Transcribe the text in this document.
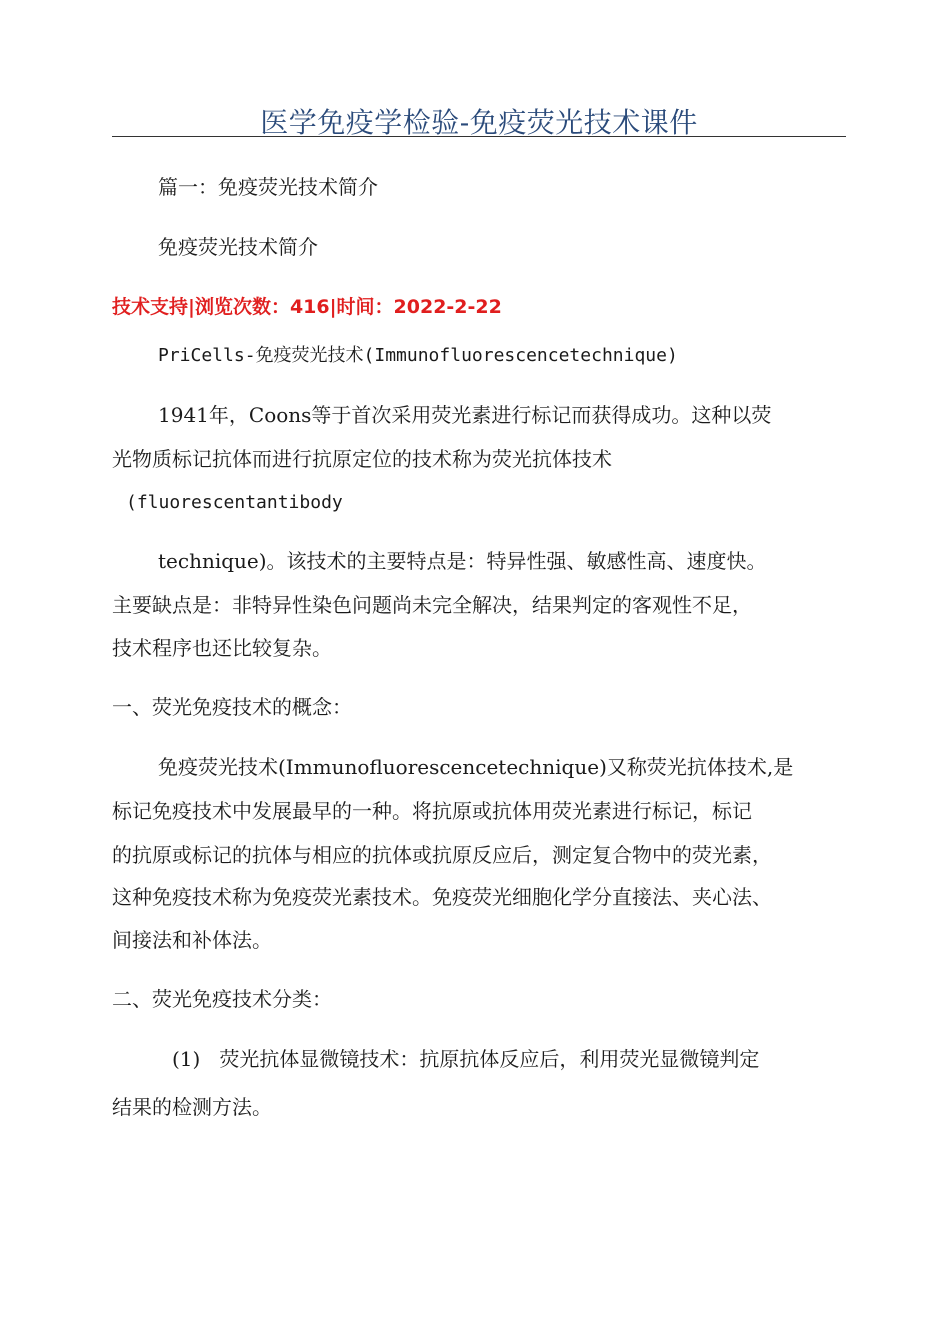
医学免疫学检验-免疫荧光技术课件
篇一：免疫荧光技术简介
免疫荧光技术简介
技术支持|浏览次数：416|时间：2022-2-22
PriCells-免疫荧光技术(Immunofluorescencetechnique)
1941年，Coons等于首次采用荧光素进行标记而获得成功。这种以荧
光物质标记抗体而进行抗原定位的技术称为荧光抗体技术
(fluorescentantibody
technique)。该技术的主要特点是：特异性强、敏感性高、速度快。
主要缺点是：非特异性染色问题尚未完全解决，结果判定的客观性不足，
技术程序也还比较复杂。
一、荧光免疫技术的概念：
免疫荧光技术(Immunofluorescencetechnique)又称荧光抗体技术,是
标记免疫技术中发展最早的一种。将抗原或抗体用荧光素进行标记，标记
的抗原或标记的抗体与相应的抗体或抗原反应后，测定复合物中的荧光素，
这种免疫技术称为免疫荧光素技术。免疫荧光细胞化学分直接法、夹心法、
间接法和补体法。
二、荧光免疫技术分类：
(1)   荧光抗体显微镜技术：抗原抗体反应后，利用荧光显微镜判定
结果的检测方法。
